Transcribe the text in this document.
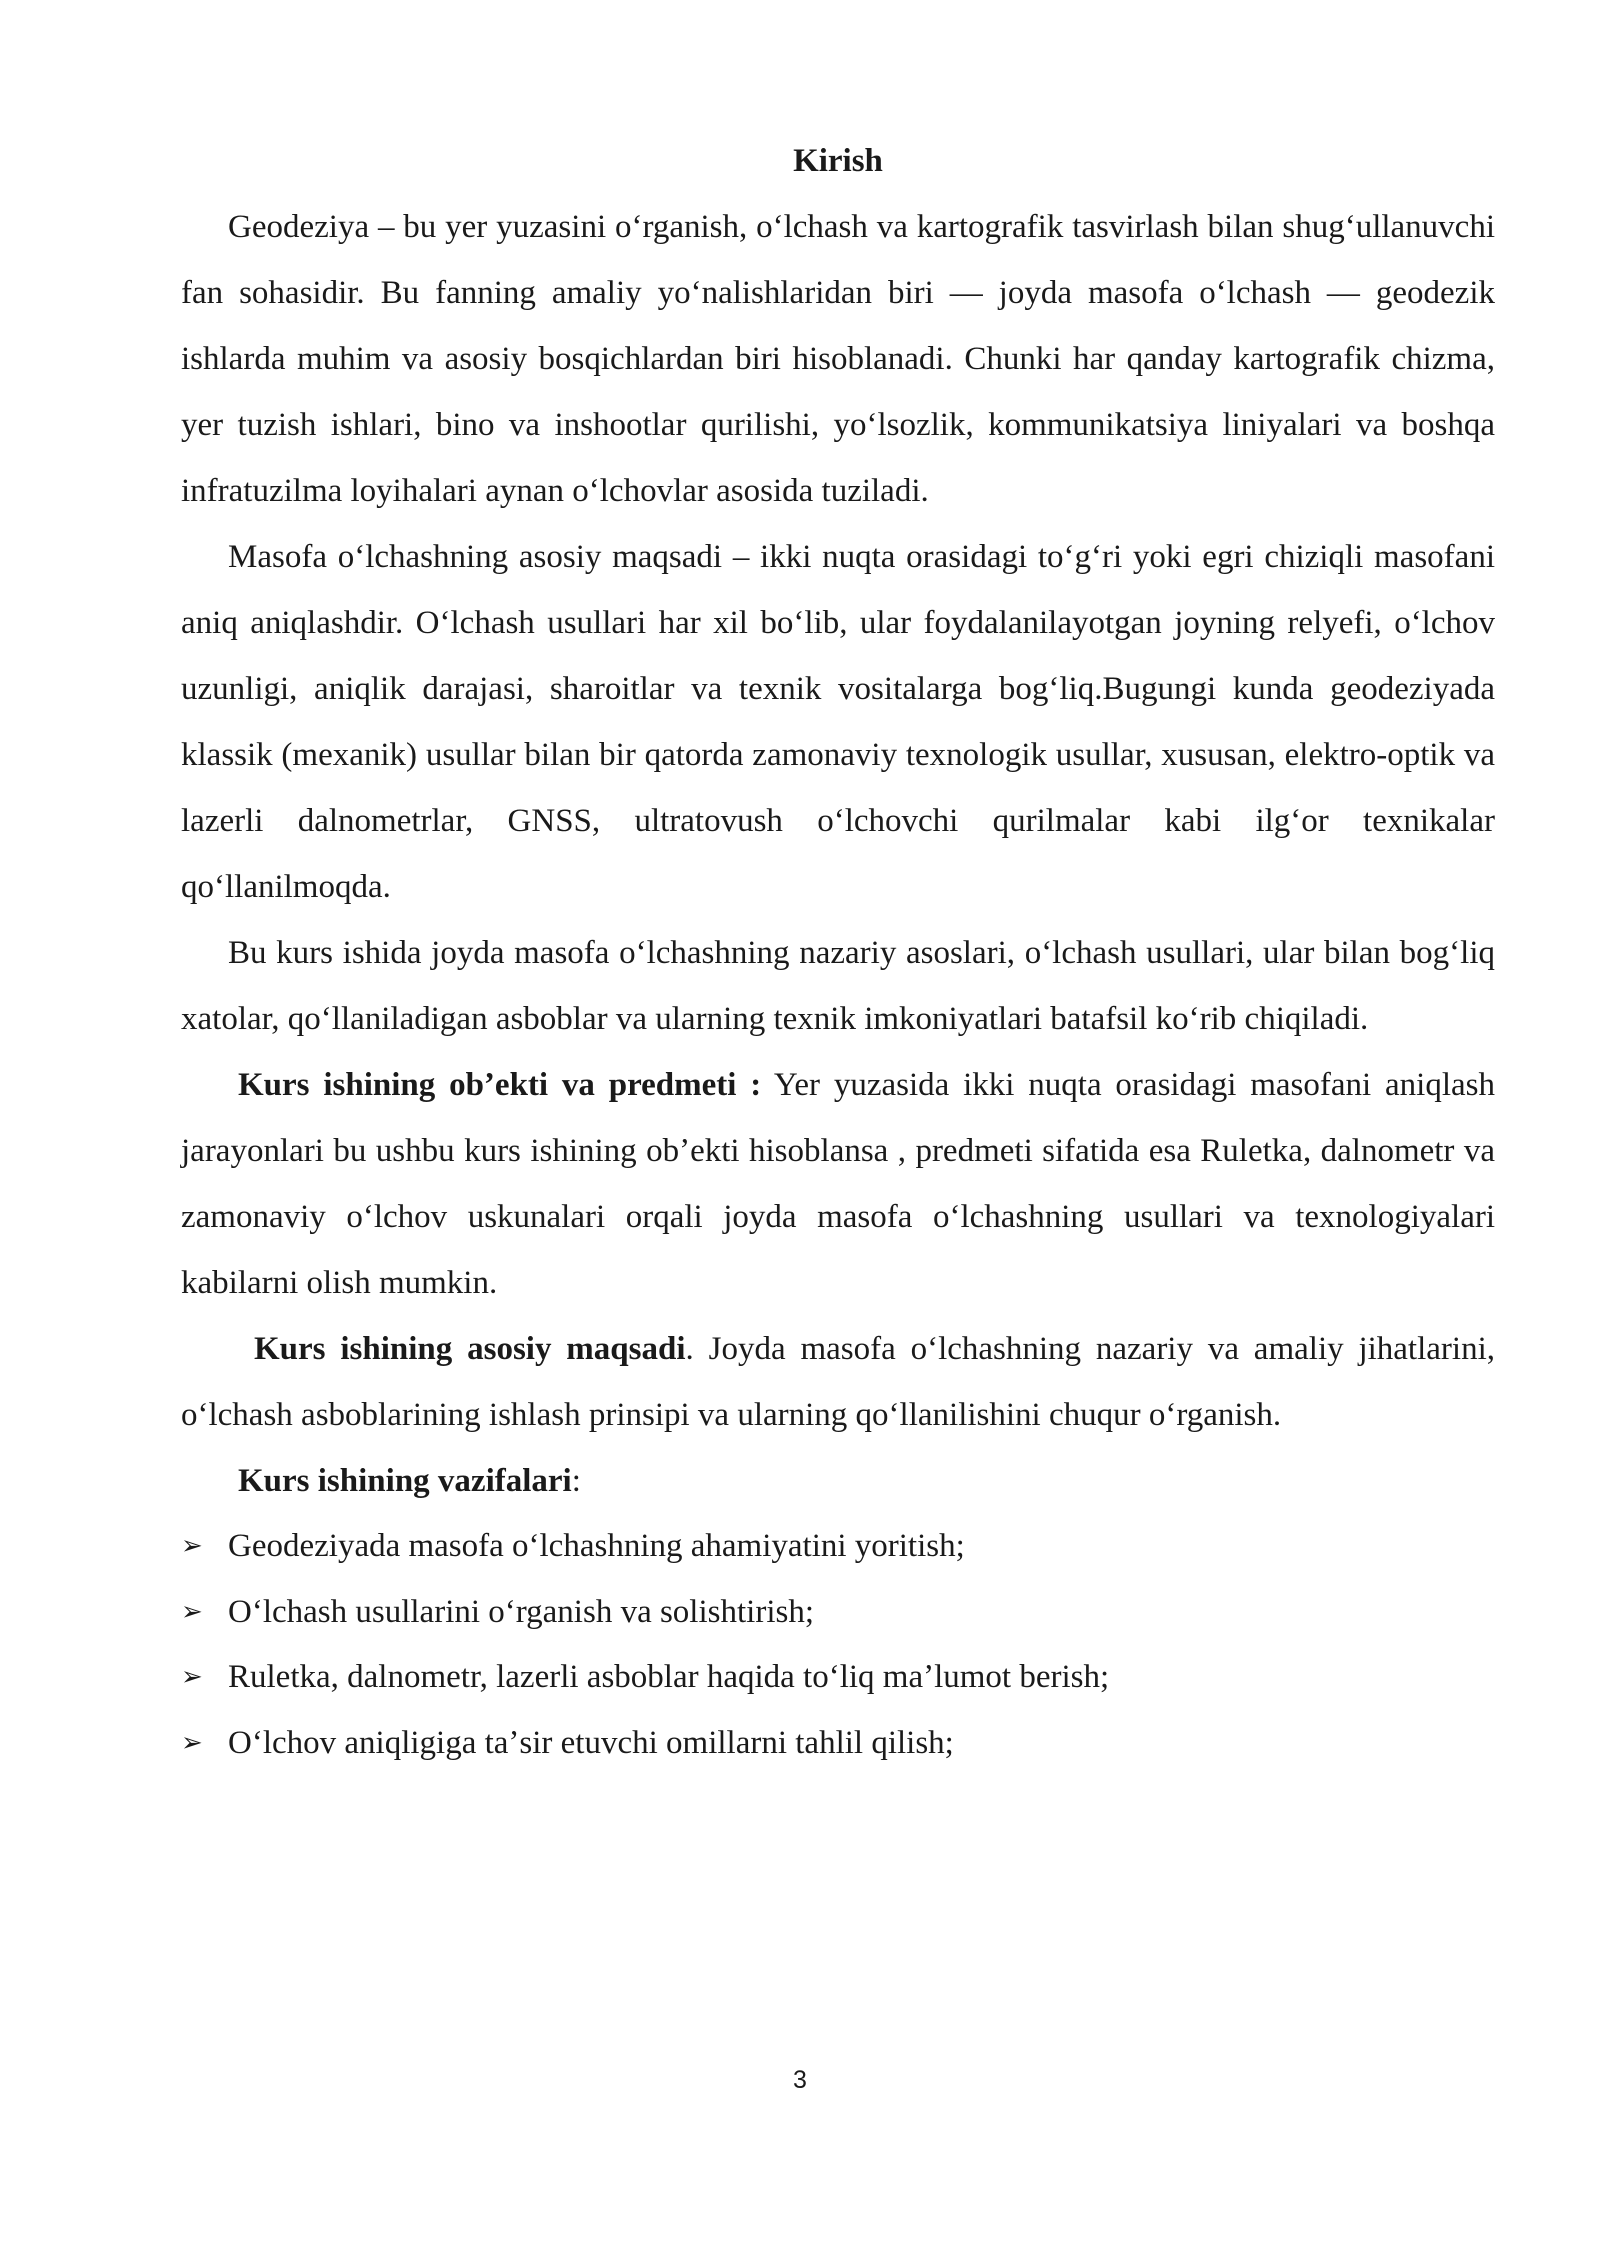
Kirish

Geodeziya – bu yer yuzasini oʻrganish, oʻlchash va kartografik tasvirlash bilan shugʻullanuvchi fan sohasidir. Bu fanning amaliy yoʻnalishlaridan biri — joyda masofa oʻlchash — geodezik ishlarda muhim va asosiy bosqichlardan biri hisoblanadi. Chunki har qanday kartografik chizma, yer tuzish ishlari, bino va inshootlar qurilishi, yoʻlsozlik, kommunikatsiya liniyalari va boshqa infratuzilma loyihalari aynan oʻlchovlar asosida tuziladi.

Masofa oʻlchashning asosiy maqsadi – ikki nuqta orasidagi toʻgʻri yoki egri chiziqli masofani aniq aniqlashdir. Oʻlchash usullari har xil boʻlib, ular foydalanilayotgan joyning relyefi, oʻlchov uzunligi, aniqlik darajasi, sharoitlar va texnik vositalarga bogʻliq.Bugungi kunda geodeziyada klassik (mexanik) usullar bilan bir qatorda zamonaviy texnologik usullar, xususan, elektro-optik va lazerli dalnometrlar, GNSS, ultratovush oʻlchovchi qurilmalar kabi ilgʻor texnikalar qoʻllanilmoqda.

Bu kurs ishida joyda masofa oʻlchashning nazariy asoslari, oʻlchash usullari, ular bilan bogʻliq xatolar, qoʻllaniladigan asboblar va ularning texnik imkoniyatlari batafsil koʻrib chiqiladi.

Kurs ishining obʼekti va predmeti : Yer yuzasida ikki nuqta orasidagi masofani aniqlash jarayonlari bu ushbu kurs ishining obʼekti hisoblansa , predmeti sifatida esa Ruletka, dalnometr va zamonaviy oʻlchov uskunalari orqali joyda masofa oʻlchashning usullari va texnologiyalari kabilarni olish mumkin.

Kurs ishining asosiy maqsadi. Joyda masofa oʻlchashning nazariy va amaliy jihatlarini, oʻlchash asboblarining ishlash prinsipi va ularning qoʻllanilishini chuqur oʻrganish.

Kurs ishining vazifalari:

➢ Geodeziyada masofa oʻlchashning ahamiyatini yoritish;
➢ Oʻlchash usullarini oʻrganish va solishtirish;
➢ Ruletka, dalnometr, lazerli asboblar haqida toʻliq maʼlumot berish;
➢ Oʻlchov aniqligiga taʼsir etuvchi omillarni tahlil qilish;
3
